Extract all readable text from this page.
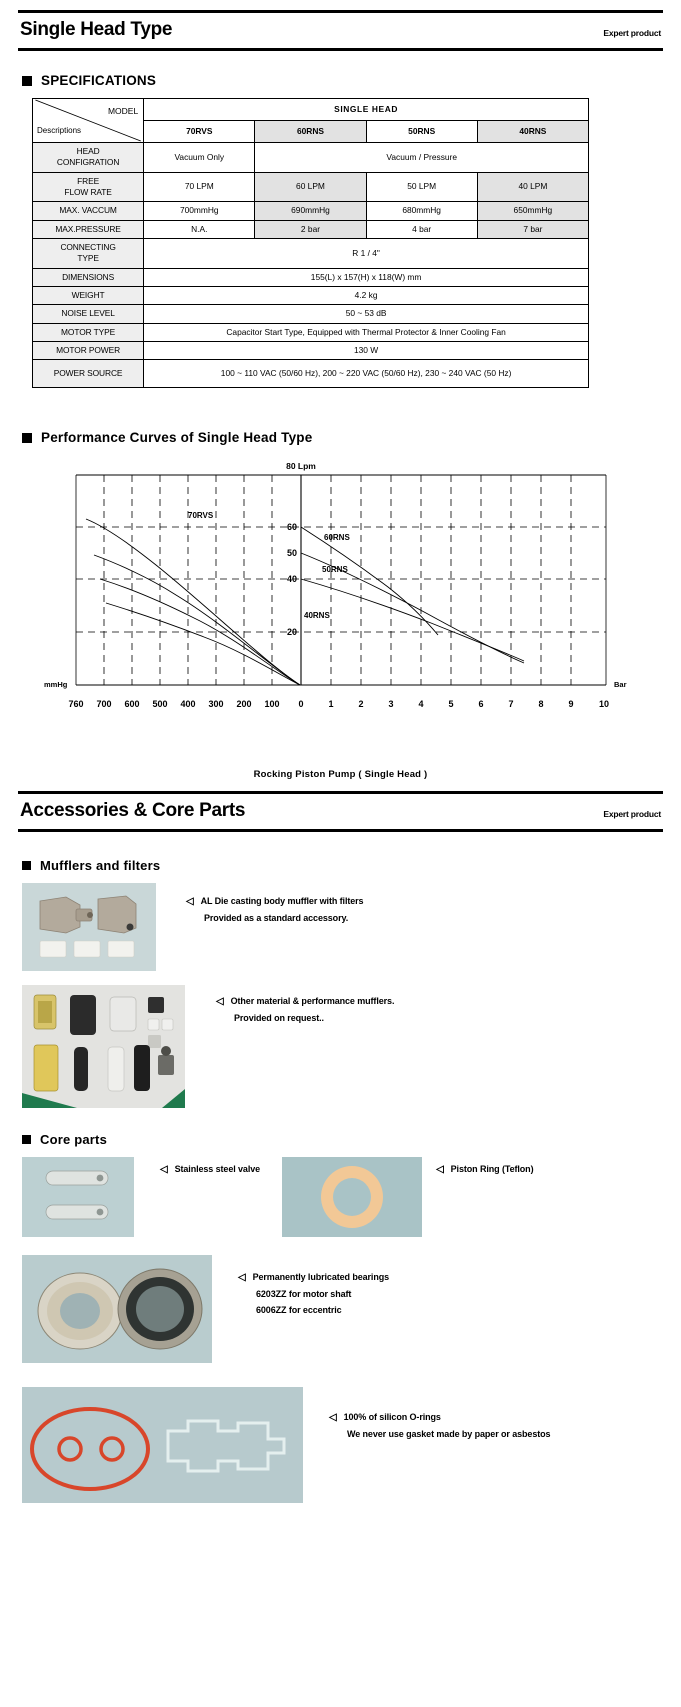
Single Head Type	Expert product
SPECIFICATIONS
MODEL
Descriptions	SINGLE HEAD			
	70RVS	60RNS	50RNS	40RNS

HEAD
CONFIGRATION	Vacuum Only	Vacuum / Pressure		

FREE
FLOW RATE	70 LPM	60 LPM	50 LPM	40 LPM
MAX. VACCUM	700mmHg	690mmHg	680mmHg	650mmHg
MAX.PRESSURE	N.A.	2 bar	4 bar	7 bar

CONNECTING
TYPE	R 1 / 4"			
DIMENSIONS	155(L) x 157(H) x 118(W) mm			
WEIGHT	4.2 kg			
NOISE LEVEL	50 ~ 53 dB			
MOTOR TYPE	Capacitor Start Type, Equipped with Thermal Protector & Inner Cooling Fan			
MOTOR POWER	130 W			
POWER SOURCE	100 ~ 110 VAC (50/60 Hz), 200 ~ 220 VAC (50/60 Hz), 230 ~ 240 VAC (50 Hz)			
Performance Curves of Single Head Type
80 Lpm
60
50
40
20
70RVS
60RNS
50RNS
40RNS
mmHg	Bar
760 700 600 500 400 300 200 100 0	1	2	3	4	5	6	7	8	9	10
Rocking Piston Pump ( Single Head )
Accessories & Core Parts	Expert product
Mufflers and filters
◁ AL Die casting body muffler with filters
Provided as a standard accessory.
◁ Other material & performance mufflers.
Provided on request..
Core parts
◁ Stainless steel valve	◁ Piston Ring (Teflon)
◁ Permanently lubricated bearings
6203ZZ for motor shaft
6006ZZ for eccentric
◁ 100% of silicon O-rings
We never use gasket made by paper or asbestos
